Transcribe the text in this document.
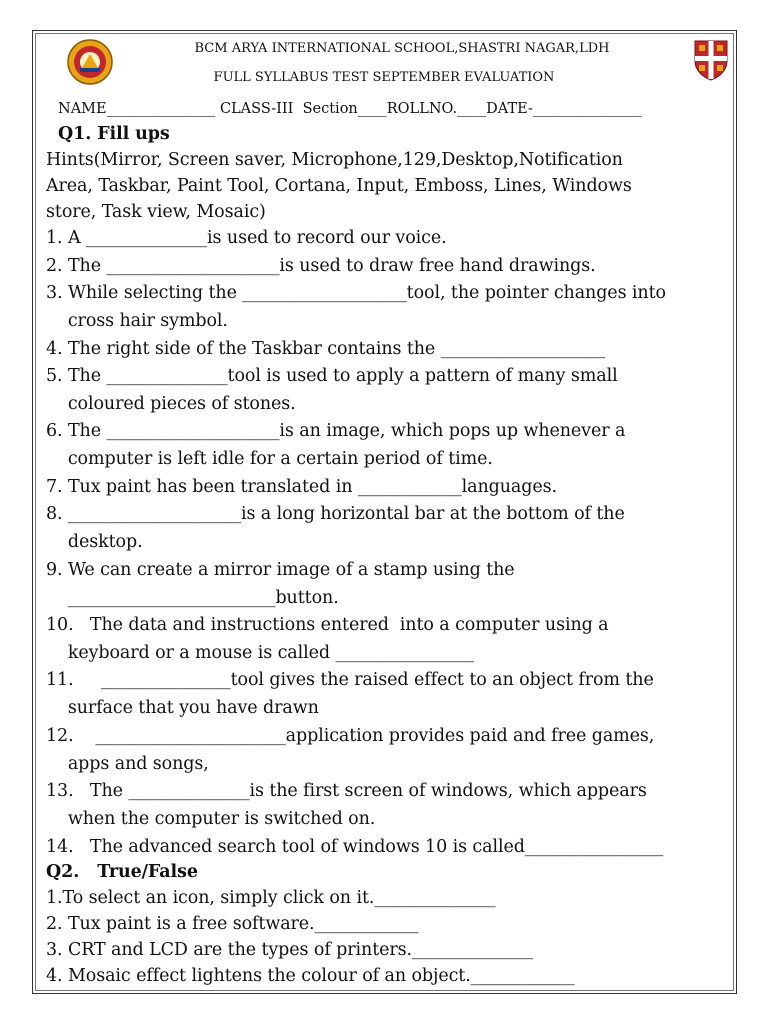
BCM ARYA INTERNATIONAL SCHOOL,SHASTRI NAGAR,LDH
FULL SYLLABUS TEST SEPTEMBER EVALUATION
NAME_______________ CLASS-III  Section____ROLLNO.____DATE-_______________
Q1. Fill ups
Hints(Mirror, Screen saver, Microphone,129,Desktop,Notification
Area, Taskbar, Paint Tool, Cortana, Input, Emboss, Lines, Windows
store, Task view, Mosaic)
1. A ______________is used to record our voice.
2. The ____________________is used to draw free hand drawings.
3. While selecting the ___________________tool, the pointer changes into
cross hair symbol.
4. The right side of the Taskbar contains the ___________________
5. The ______________tool is used to apply a pattern of many small
coloured pieces of stones.
6. The ____________________is an image, which pops up whenever a
computer is left idle for a certain period of time.
7. Tux paint has been translated in ____________languages.
8. ____________________is a long horizontal bar at the bottom of the
desktop.
9. We can create a mirror image of a stamp using the
________________________button.
10.   The data and instructions entered  into a computer using a
keyboard or a mouse is called ________________
11.     _______________tool gives the raised effect to an object from the
surface that you have drawn
12.    ______________________application provides paid and free games,
apps and songs,
13.   The ______________is the first screen of windows, which appears
when the computer is switched on.
14.   The advanced search tool of windows 10 is called________________
Q2.   True/False
1.To select an icon, simply click on it.______________
2. Tux paint is a free software.____________
3. CRT and LCD are the types of printers.______________
4. Mosaic effect lightens the colour of an object.____________
